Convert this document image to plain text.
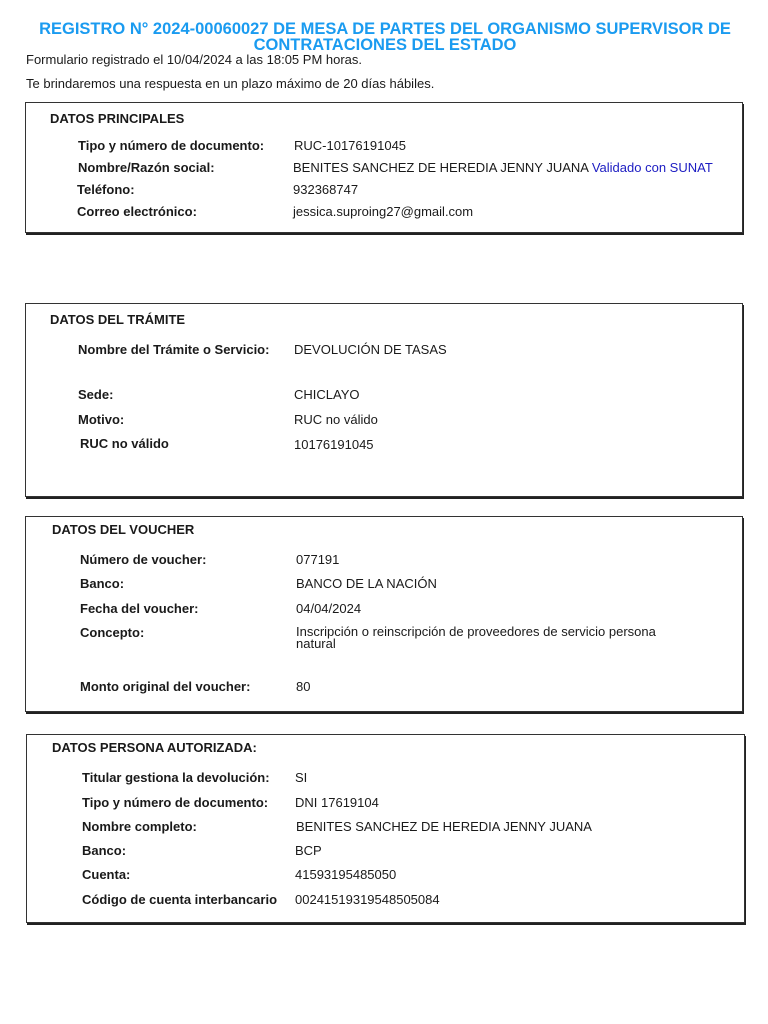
REGISTRO N° 2024-00060027 DE MESA DE PARTES DEL ORGANISMO SUPERVISOR DE CONTRATACIONES DEL ESTADO
Formulario registrado el 10/04/2024 a las 18:05 PM horas.
Te brindaremos una respuesta en un plazo máximo de 20 días hábiles.
DATOS PRINCIPALES
Tipo y número de documento: RUC-10176191045
Nombre/Razón social:	BENITES SANCHEZ DE HEREDIA JENNY JUANA Validado con SUNAT
Teléfono:	932368747
Correo electrónico:	jessica.suproing27@gmail.com
DATOS DEL TRÁMITE
Nombre del Trámite o Servicio: DEVOLUCIÓN DE TASAS
Sede:	CHICLAYO
Motivo:	RUC no válido
RUC no válido	10176191045
DATOS DEL VOUCHER
Número de voucher:	077191
Banco:	BANCO DE LA NACIÓN
Fecha del voucher:	04/04/2024
Concepto:	Inscripción o reinscripción de proveedores de servicio persona natural
Monto original del voucher:	80
DATOS PERSONA AUTORIZADA:
Titular gestiona la devolución: SI
Tipo y número de documento: DNI 17619104
Nombre completo:	BENITES SANCHEZ DE HEREDIA JENNY JUANA
Banco:	BCP
Cuenta:	41593195485050
Código de cuenta interbancario 00241519319548505084
